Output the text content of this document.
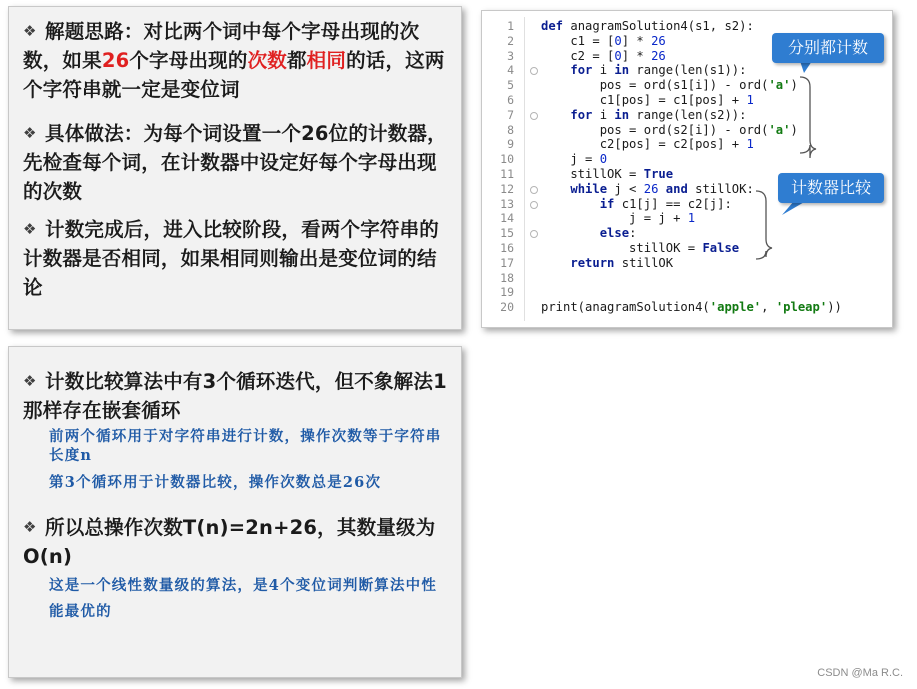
❖ 解题思路：对比两个词中每个字母出现的次数，如果26个字母出现的次数都相同的话，这两个字符串就一定是变位词
❖ 具体做法：为每个词设置一个26位的计数器，先检查每个词，在计数器中设定好每个字母出现的次数
❖ 计数完成后，进入比较阶段，看两个字符串的计数器是否相同，如果相同则输出是变位词的结论
1 def anagramSolution4(s1, s2):
2 c1 = [0] * 26
3 c2 = [0] * 26
4	for i in range(len(s1)):
5 pos = ord(s1[i]) - ord('a')
6 c1[pos] = c1[pos] + 1
7	for i in range(len(s2)):
8 pos = ord(s2[i]) - ord('a')
9 c2[pos] = c2[pos] + 1
10 j = 0
11 stillOK = True
12	while j < 26 and stillOK:
13	if c1[j] == c2[j]:
14 j = j + 1
15	else:
16 stillOK = False
17	return stillOK
18
19
20 print(anagramSolution4('apple', 'pleap'))
分别都计数
计数器比较
❖ 计数比较算法中有3个循环迭代，但不象解法1那样存在嵌套循环
前两个循环用于对字符串进行计数，操作次数等于字符串长度n
第3个循环用于计数器比较，操作次数总是26次
❖ 所以总操作次数T(n)=2n+26，其数量级为O(n)
这是一个线性数量级的算法，是4个变位词判断算法中性能最优的
CSDN @Ma R.C.
